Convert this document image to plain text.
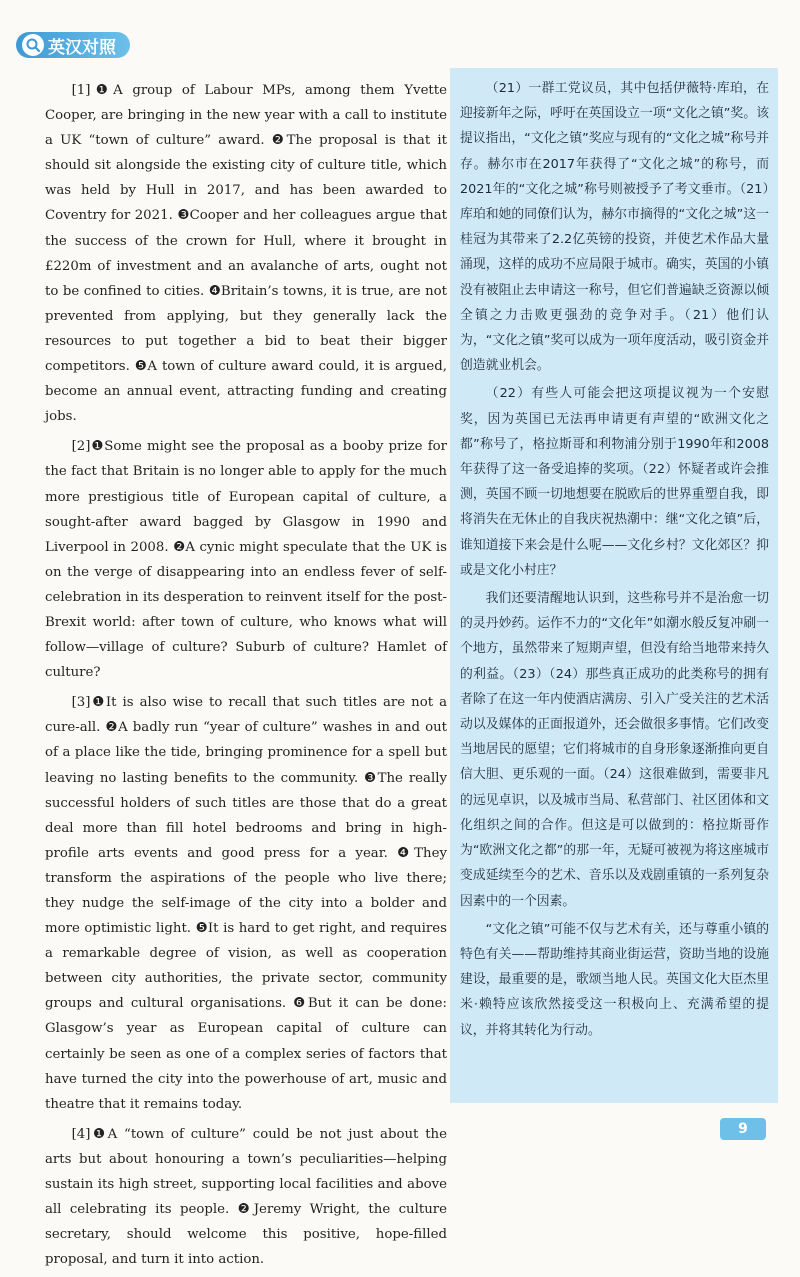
英汉对照

[1]❶A group of Labour MPs, among them Yvette Cooper, are bringing in the new year with a call to institute a UK “town of culture” award. ❷The proposal is that it should sit alongside the existing city of culture title, which was held by Hull in 2017, and has been awarded to Coventry for 2021. ❸Cooper and her colleagues argue that the success of the crown for Hull, where it brought in £220m of investment and an avalanche of arts, ought not to be confined to cities. ❹Britain’s towns, it is true, are not prevented from applying, but they generally lack the resources to put together a bid to beat their bigger competitors. ❺A town of culture award could, it is argued, become an annual event, attracting funding and creating jobs.

[2]❶Some might see the proposal as a booby prize for the fact that Britain is no longer able to apply for the much more prestigious title of European capital of culture, a sought-after award bagged by Glasgow in 1990 and Liverpool in 2008. ❷A cynic might speculate that the UK is on the verge of disappearing into an endless fever of self-celebration in its desperation to reinvent itself for the post-Brexit world: after town of culture, who knows what will follow—village of culture? Suburb of culture? Hamlet of culture?

[3]❶It is also wise to recall that such titles are not a cure-all. ❷A badly run “year of culture” washes in and out of a place like the tide, bringing prominence for a spell but leaving no lasting benefits to the community. ❸The really successful holders of such titles are those that do a great deal more than fill hotel bedrooms and bring in high-profile arts events and good press for a year. ❹They transform the aspirations of the people who live there; they nudge the self-image of the city into a bolder and more optimistic light. ❺It is hard to get right, and requires a remarkable degree of vision, as well as cooperation between city authorities, the private sector, community groups and cultural organisations. ❻But it can be done: Glasgow’s year as European capital of culture can certainly be seen as one of a complex series of factors that have turned the city into the powerhouse of art, music and theatre that it remains today.

[4]❶A “town of culture” could be not just about the arts but about honouring a town’s peculiarities—helping sustain its high street, supporting local facilities and above all celebrating its people. ❷Jeremy Wright, the culture secretary, should welcome this positive, hope-filled proposal, and turn it into action.

（21）一群工党议员，其中包括伊薇特·库珀，在迎接新年之际，呼吁在英国设立一项“文化之镇”奖。该提议指出，“文化之镇”奖应与现有的“文化之城”称号并存。赫尔市在2017年获得了“文化之城”的称号，而2021年的“文化之城”称号则被授予了考文垂市。（21）库珀和她的同僚们认为，赫尔市摘得的“文化之城”这一桂冠为其带来了2.2亿英镑的投资，并使艺术作品大量涌现，这样的成功不应局限于城市。确实，英国的小镇没有被阻止去申请这一称号，但它们普遍缺乏资源以倾全镇之力击败更强劲的竞争对手。（21）他们认为，“文化之镇”奖可以成为一项年度活动，吸引资金并创造就业机会。

（22）有些人可能会把这项提议视为一个安慰奖，因为英国已无法再申请更有声望的“欧洲文化之都”称号了，格拉斯哥和利物浦分别于1990年和2008年获得了这一备受追捧的奖项。（22）怀疑者或许会推测，英国不顾一切地想要在脱欧后的世界重塑自我，即将消失在无休止的自我庆祝热潮中：继“文化之镇”后，谁知道接下来会是什么呢——文化乡村？文化郊区？抑或是文化小村庄？

我们还要清醒地认识到，这些称号并不是治愈一切的灵丹妙药。运作不力的“文化年”如潮水般反复冲刷一个地方，虽然带来了短期声望，但没有给当地带来持久的利益。（23）（24）那些真正成功的此类称号的拥有者除了在这一年内使酒店满房、引入广受关注的艺术活动以及媒体的正面报道外，还会做很多事情。它们改变当地居民的愿望；它们将城市的自身形象逐渐推向更自信大胆、更乐观的一面。（24）这很难做到，需要非凡的远见卓识，以及城市当局、私营部门、社区团体和文化组织之间的合作。但这是可以做到的：格拉斯哥作为“欧洲文化之都”的那一年，无疑可被视为将这座城市变成延续至今的艺术、音乐以及戏剧重镇的一系列复杂因素中的一个因素。

“文化之镇”可能不仅与艺术有关，还与尊重小镇的特色有关——帮助维持其商业街运营，资助当地的设施建设，最重要的是，歌颂当地人民。英国文化大臣杰里米·赖特应该欣然接受这一积极向上、充满希望的提议，并将其转化为行动。

9
